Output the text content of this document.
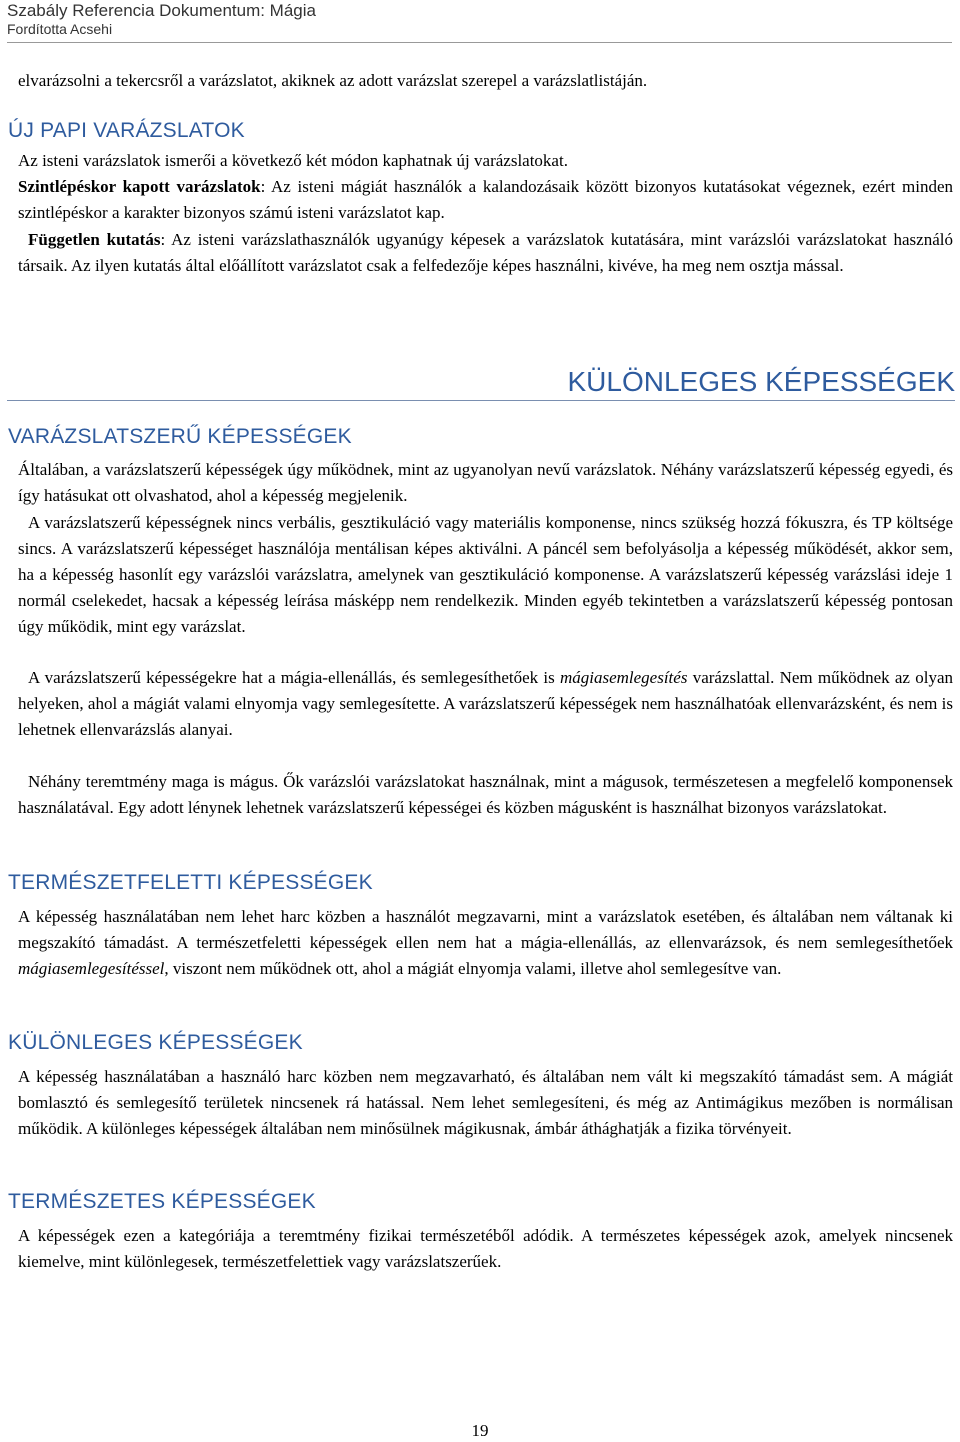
Szabály Referencia Dokumentum: Mágia
Fordította Acsehi

elvarázsolni a tekercsről a varázslatot, akiknek az adott varázslat szerepel a varázslatlistáján.

ÚJ PAPI VARÁZSLATOK

Az isteni varázslatok ismerői a következő két módon kaphatnak új varázslatokat.

Szintlépéskor kapott varázslatok: Az isteni mágiát használók a kalandozásaik között bizonyos kutatásokat végeznek, ezért minden szintlépéskor a karakter bizonyos számú isteni varázslatot kap.

Független kutatás: Az isteni varázslathasználók ugyanúgy képesek a varázslatok kutatására, mint varázslói varázslatokat használó társaik. Az ilyen kutatás által előállított varázslatot csak a felfedezője képes használni, kivéve, ha meg nem osztja mással.

KÜLÖNLEGES KÉPESSÉGEK
VARÁZSLATSZERŰ KÉPESSÉGEK

Általában, a varázslatszerű képességek úgy működnek, mint az ugyanolyan nevű varázslatok. Néhány varázslatszerű képesség egyedi, és így hatásukat ott olvashatod, ahol a képesség megjelenik.

A varázslatszerű képességnek nincs verbális, gesztikuláció vagy materiális komponense, nincs szükség hozzá fókuszra, és TP költsége sincs. A varázslatszerű képességet használója mentálisan képes aktiválni. A páncél sem befolyásolja a képesség működését, akkor sem, ha a képesség hasonlít egy varázslói varázslatra, amelynek van gesztikuláció komponense. A varázslatszerű képesség varázslási ideje 1 normál cselekedet, hacsak a képesség leírása másképp nem rendelkezik. Minden egyéb tekintetben a varázslatszerű képesség pontosan úgy működik, mint egy varázslat.

A varázslatszerű képességekre hat a mágia-ellenállás, és semlegesíthetőek is mágiasemlegesítés varázslattal. Nem működnek az olyan helyeken, ahol a mágiát valami elnyomja vagy semlegesítette. A varázslatszerű képességek nem használhatóak ellenvarázsként, és nem is lehetnek ellenvarázslás alanyai.

Néhány teremtmény maga is mágus. Ők varázslói varázslatokat használnak, mint a mágusok, természetesen a megfelelő komponensek használatával. Egy adott lénynek lehetnek varázslatszerű képességei és közben mágusként is használhat bizonyos varázslatokat.

TERMÉSZETFELETTI KÉPESSÉGEK

A képesség használatában nem lehet harc közben a használót megzavarni, mint a varázslatok esetében, és általában nem váltanak ki megszakító támadást. A természetfeletti képességek ellen nem hat a mágia-ellenállás, az ellenvarázsok, és nem semlegesíthetőek mágiasemlegesítéssel, viszont nem működnek ott, ahol a mágiát elnyomja valami, illetve ahol semlegesítve van.

KÜLÖNLEGES KÉPESSÉGEK

A képesség használatában a használó harc közben nem megzavarható, és általában nem vált ki megszakító támadást sem. A mágiát bomlasztó és semlegesítő területek nincsenek rá hatással. Nem lehet semlegesíteni, és még az Antimágikus mezőben is normálisan működik. A különleges képességek általában nem minősülnek mágikusnak, ámbár áthághatják a fizika törvényeit.

TERMÉSZETES KÉPESSÉGEK

A képességek ezen a kategóriája a teremtmény fizikai természetéből adódik. A természetes képességek azok, amelyek nincsenek kiemelve, mint különlegesek, természetfelettiek vagy varázslatszerűek.

19
